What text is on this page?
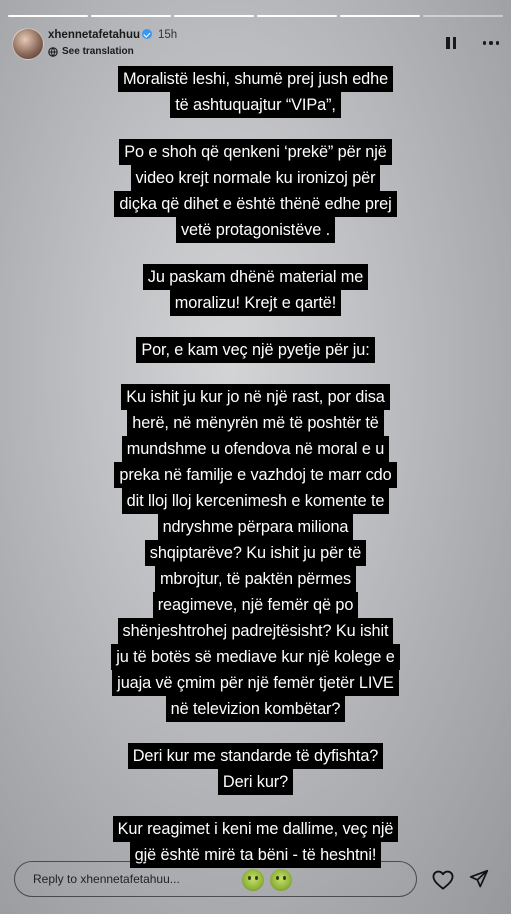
xhennetafetahuu 15h
See translation
Moralistë leshi, shumë prej jush edhe
të ashtuquajtur “VIPa”,
Po e shoh që qenkeni ‘prekë” për një
video krejt normale ku ironizoj për
diçka që dihet e është thënë edhe prej
vetë protagonistëve .
Ju paskam dhënë material me
moralizu! Krejt e qartë!
Por, e kam veç një pyetje për ju:
Ku ishit ju kur jo në një rast, por disa
herë, në mënyrën më të poshtër të
mundshme u ofendova në moral e u
preka në familje e vazhdoj te marr cdo
dit lloj lloj kercenimesh e komente te
ndryshme përpara miliona
shqiptarëve? Ku ishit ju për të
mbrojtur, të paktën përmes
reagimeve, një femër që po
shënjeshtrohej padrejtësisht? Ku ishit
ju të botës së mediave kur një kolege e
juaja vë çmim për një femër tjetër LIVE
në televizion kombëtar?
Deri kur me standarde të dyfishta?
Deri kur?
Kur reagimet i keni me dallime, veç një
gjë është mirë ta bëni - të heshtni!
Reply to xhennetafetahuu...
